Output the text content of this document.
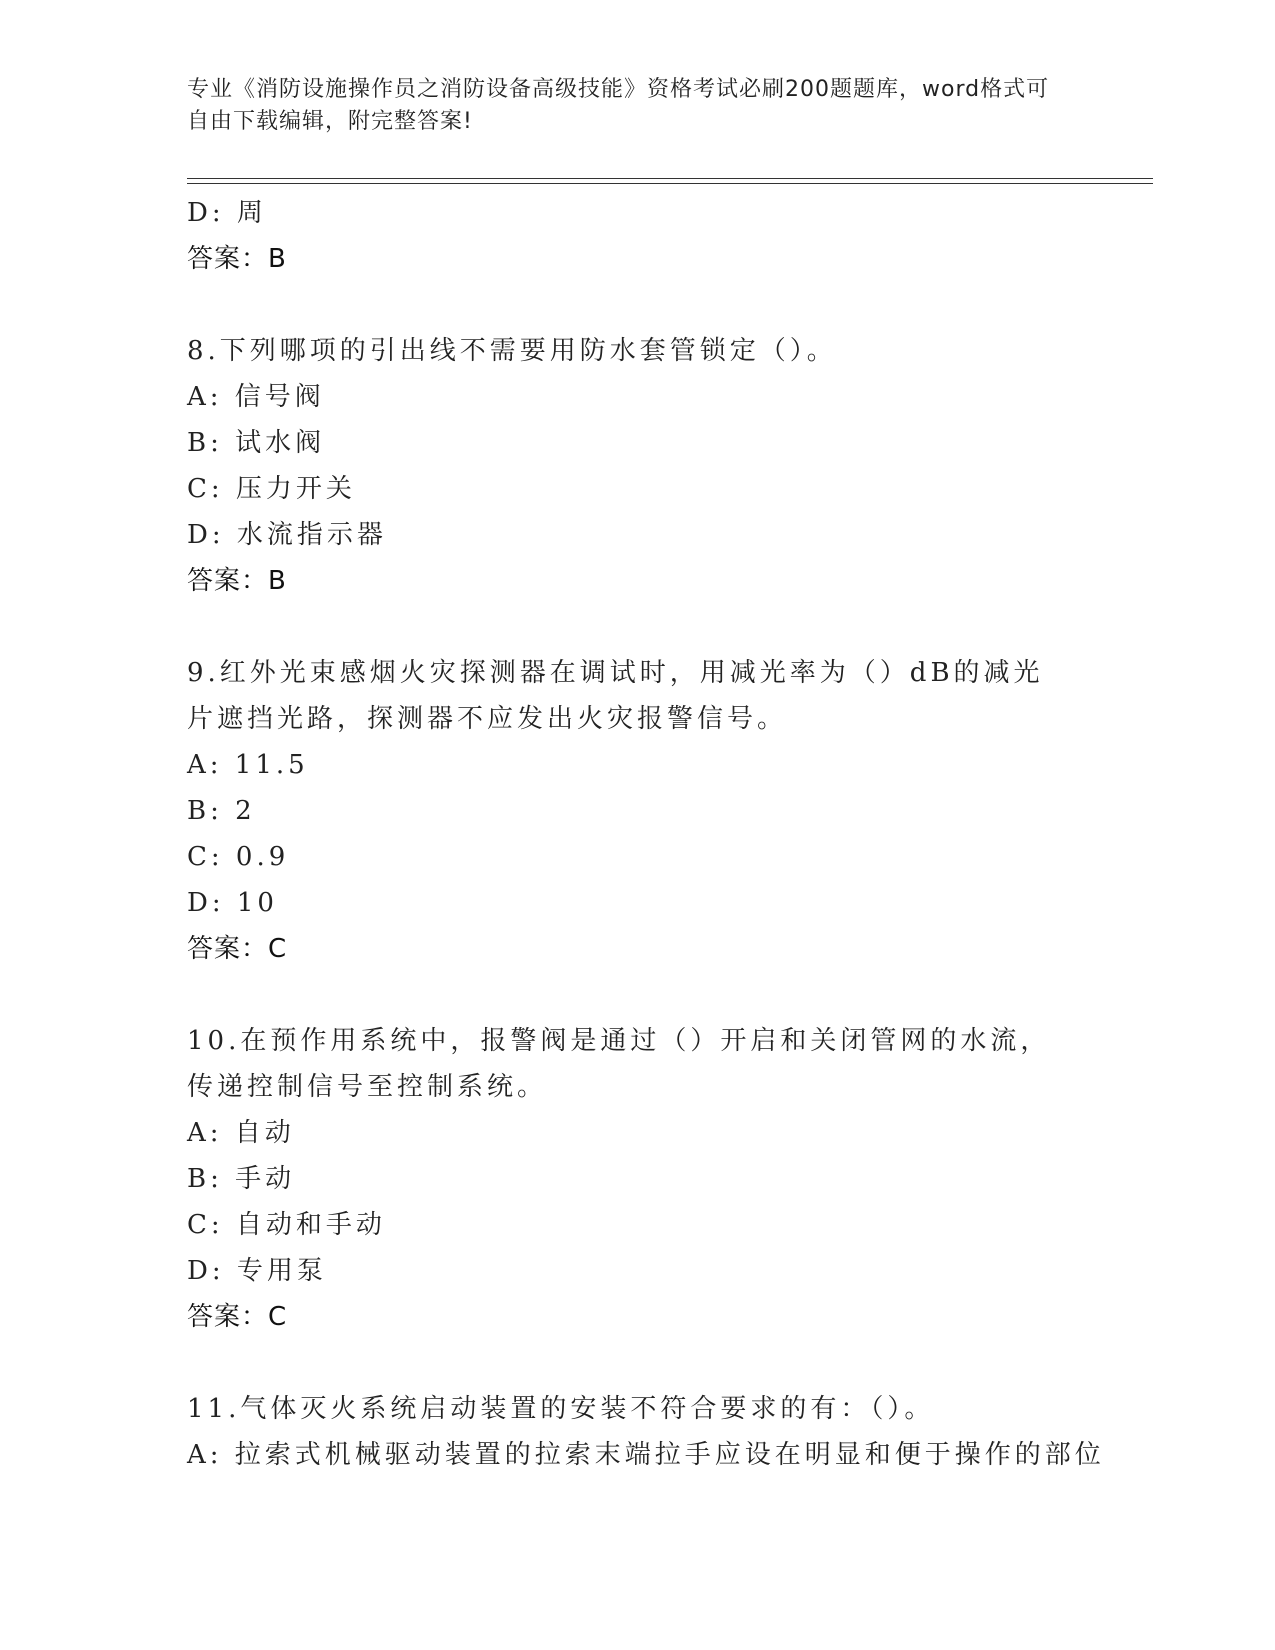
专业《消防设施操作员之消防设备高级技能》资格考试必刷200题题库，word格式可自由下载编辑，附完整答案!
D: 周
答案：B
8.下列哪项的引出线不需要用防水套管锁定（）。
A: 信号阀
B: 试水阀
C: 压力开关
D: 水流指示器
答案：B
9.红外光束感烟火灾探测器在调试时，用减光率为（）dB的减光片遮挡光路，探测器不应发出火灾报警信号。
A: 11.5
B: 2
C: 0.9
D: 10
答案：C
10.在预作用系统中，报警阀是通过（）开启和关闭管网的水流，传递控制信号至控制系统。
A: 自动
B: 手动
C: 自动和手动
D: 专用泵
答案：C
11.气体灭火系统启动装置的安装不符合要求的有：（）。
A: 拉索式机械驱动装置的拉索末端拉手应设在明显和便于操作的部位
